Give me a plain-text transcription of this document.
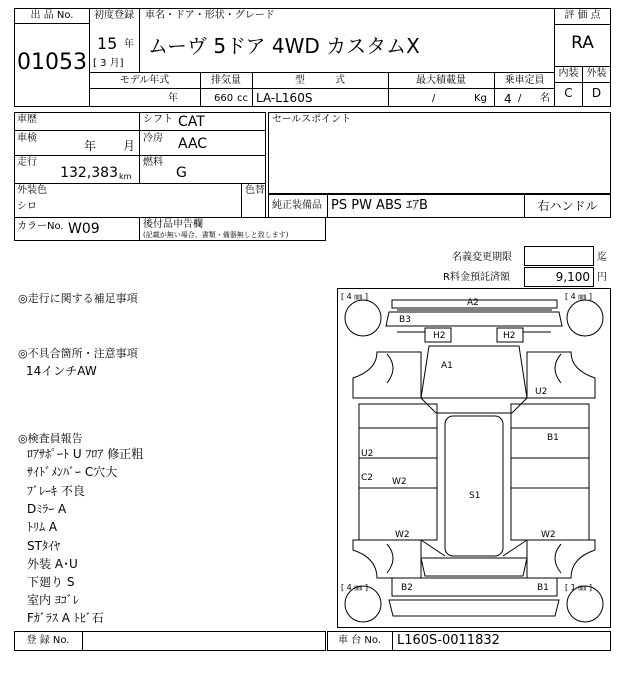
出 品 No.
01053
初度登録
15 年
[ 3 月]
車名・ドア・形状・グレード
ムーヴ 5ドア 4WD カスタムX
評 価 点
RA
内装 外装
C	D
モデル年式
年
排気量
660 cc
型　　　式
LA-L160S
最大積載量
/	Kg
乗車定員
4 / 名
車歴	シフト CAT
車検
年 月
冷房 AAC
走行
132,383 km
燃料
G
外装色
シロ
色替
セールスポイント
純正装備品 PS PW ABS ｴｱB	右ハンドル
カラーNo. W09	後付品申告欄
(記載が無い場合、書類・備器無しと致します)
名義変更期限	迄
R料金預託済額	9,100 円
◎走行に関する補足事項
◎不具合箇所・注意事項
14インチAW
◎検査員報告
ﾛｱｻﾎﾟｰﾄ U ﾌﾛｱ 修正粗
ｻｲﾄﾞﾒﾝﾊﾞｰ C穴大
ﾌﾞﾚｰｷ 不良
Dﾐﾗｰ A
ﾄﾘﾑ A
STﾀｲﾔ
外装 A･U
下廻り S
室内 ﾖｺﾞﾚ
Fｶﾞﾗｽ A ﾄﾋﾞ石
[ 4 ㎜ ]	[ 4 ㎜ ]
[ 4 ㎜ ]	[ 1 ㎜ ]
A2
B3
H2	H2
A1
U2
B1
U2
C2 W2
S1
W2	W2
B2	B1
登 録 No.	車 台 No.	L160S-0011832
